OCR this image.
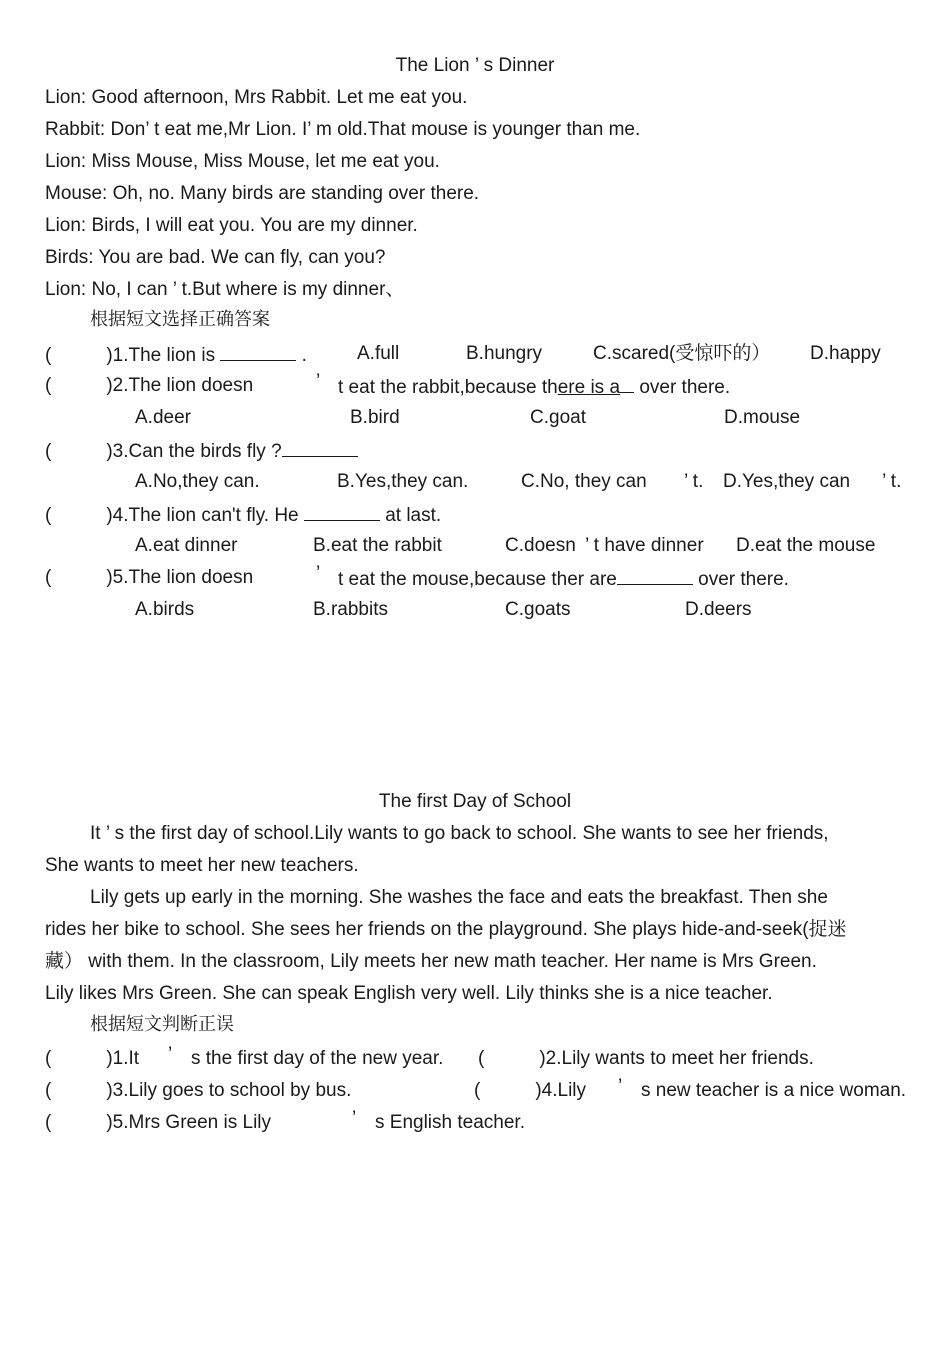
The Lion ’ s Dinner
Lion: Good afternoon, Mrs Rabbit. Let me eat you.
Rabbit: Don’ t eat me,Mr Lion. I’ m old.That mouse is younger than me.
Lion: Miss Mouse, Miss Mouse, let me eat you.
Mouse: Oh, no. Many birds are standing over there.
Lion: Birds, I will eat you. You are my dinner.
Birds: You are bad. We can fly, can you?
Lion: No, I can ’ t.But where is my dinner、
根据短文选择正确答案
(	)1.The lion is	.	A.full	B.hungry	C.scared(受惊吓的） D.happy
(	)2.The lion doesn	’ t eat the rabbit,because there is a over there.
A.deer	B.bird	C.goat	D.mouse
(	)3.Can the birds fly ?
A.No,they can.	B.Yes,they can.	C.No, they can ’ t. D.Yes,they can ’ t.
(	)4.The lion can't fly. He	at last.
A.eat dinner	B.eat the rabbit	C.doesn ’ t have dinner D.eat the mouse
(	)5.The lion doesn	’ t eat the mouse,because ther are	over there.
A.birds	B.rabbits	C.goats	D.deers
The first Day of School
It ’ s the first day of school.Lily wants to go back to school. She wants to see her friends,
She wants to meet her new teachers.
Lily gets up early in the morning. She washes the face and eats the breakfast. Then she
rides her bike to school. She sees her friends on the playground. She plays hide-and-seek(捉迷
藏） with them. In the classroom, Lily meets her new math teacher. Her name is Mrs Green.
Lily likes Mrs Green. She can speak English very well. Lily thinks she is a nice teacher.
根据短文判断正误
(	)1.It ’ s the first day of the new year. (	)2.Lily wants to meet her friends.
(	)3.Lily goes to school by bus.	(	)4.Lily ’ s new teacher is a nice woman.
(	)5.Mrs Green is Lily	’ s English teacher.
